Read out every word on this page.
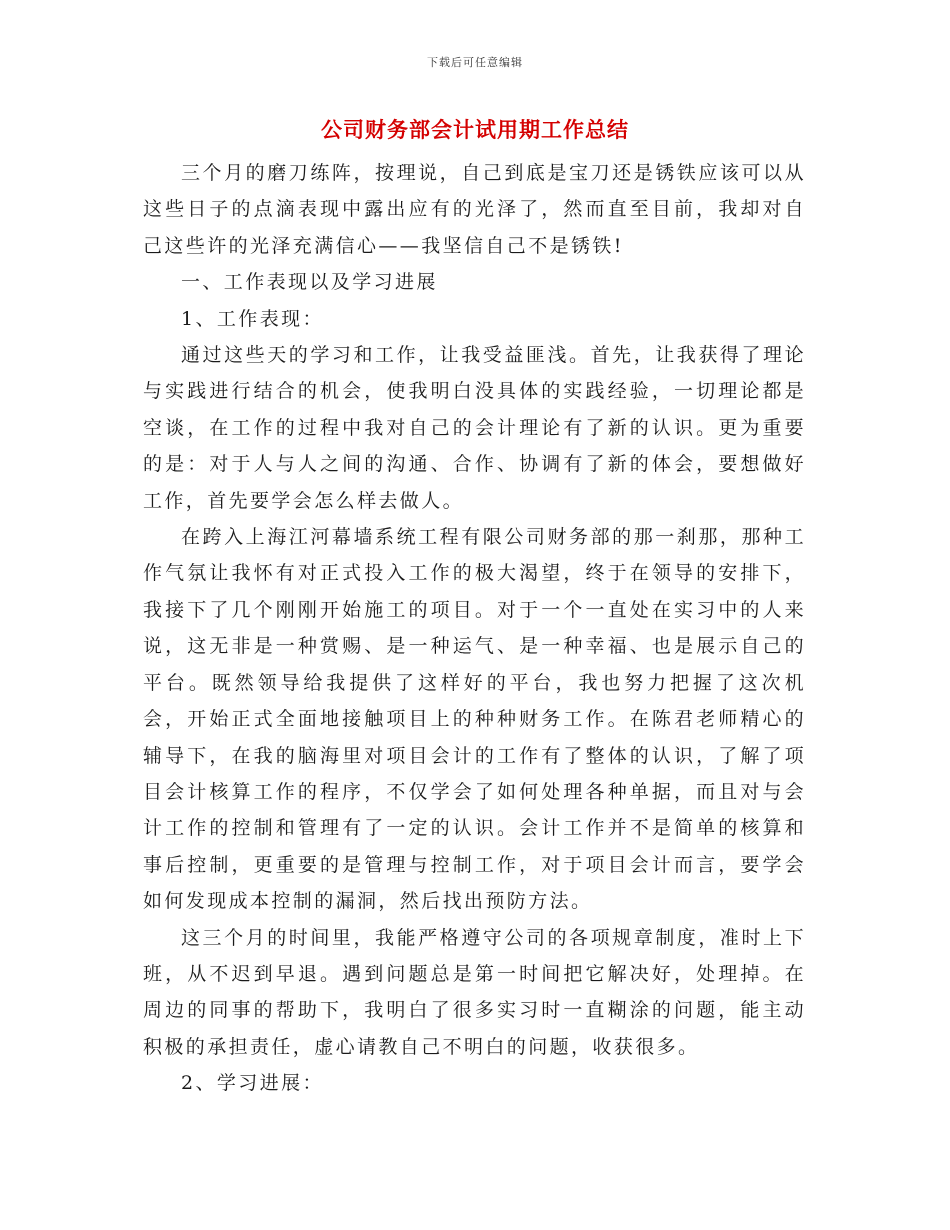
下载后可任意编辑
公司财务部会计试用期工作总结

三个月的磨刀练阵，按理说，自己到底是宝刀还是锈铁应该可以从这些日子的点滴表现中露出应有的光泽了，然而直至目前，我却对自己这些许的光泽充满信心——我坚信自己不是锈铁!

一、工作表现以及学习进展

1、工作表现：

通过这些天的学习和工作，让我受益匪浅。首先，让我获得了理论与实践进行结合的机会，使我明白没具体的实践经验，一切理论都是空谈，在工作的过程中我对自己的会计理论有了新的认识。更为重要的是：对于人与人之间的沟通、合作、协调有了新的体会，要想做好工作，首先要学会怎么样去做人。

在跨入上海江河幕墙系统工程有限公司财务部的那一刹那，那种工作气氛让我怀有对正式投入工作的极大渴望，终于在领导的安排下，我接下了几个刚刚开始施工的项目。对于一个一直处在实习中的人来说，这无非是一种赏赐、是一种运气、是一种幸福、也是展示自己的平台。既然领导给我提供了这样好的平台，我也努力把握了这次机会，开始正式全面地接触项目上的种种财务工作。在陈君老师精心的辅导下，在我的脑海里对项目会计的工作有了整体的认识，了解了项目会计核算工作的程序，不仅学会了如何处理各种单据，而且对与会计工作的控制和管理有了一定的认识。会计工作并不是简单的核算和事后控制，更重要的是管理与控制工作，对于项目会计而言，要学会如何发现成本控制的漏洞，然后找出预防方法。

这三个月的时间里，我能严格遵守公司的各项规章制度，准时上下班，从不迟到早退。遇到问题总是第一时间把它解决好，处理掉。在周边的同事的帮助下，我明白了很多实习时一直糊涂的问题，能主动积极的承担责任，虚心请教自己不明白的问题，收获很多。

2、学习进展：
